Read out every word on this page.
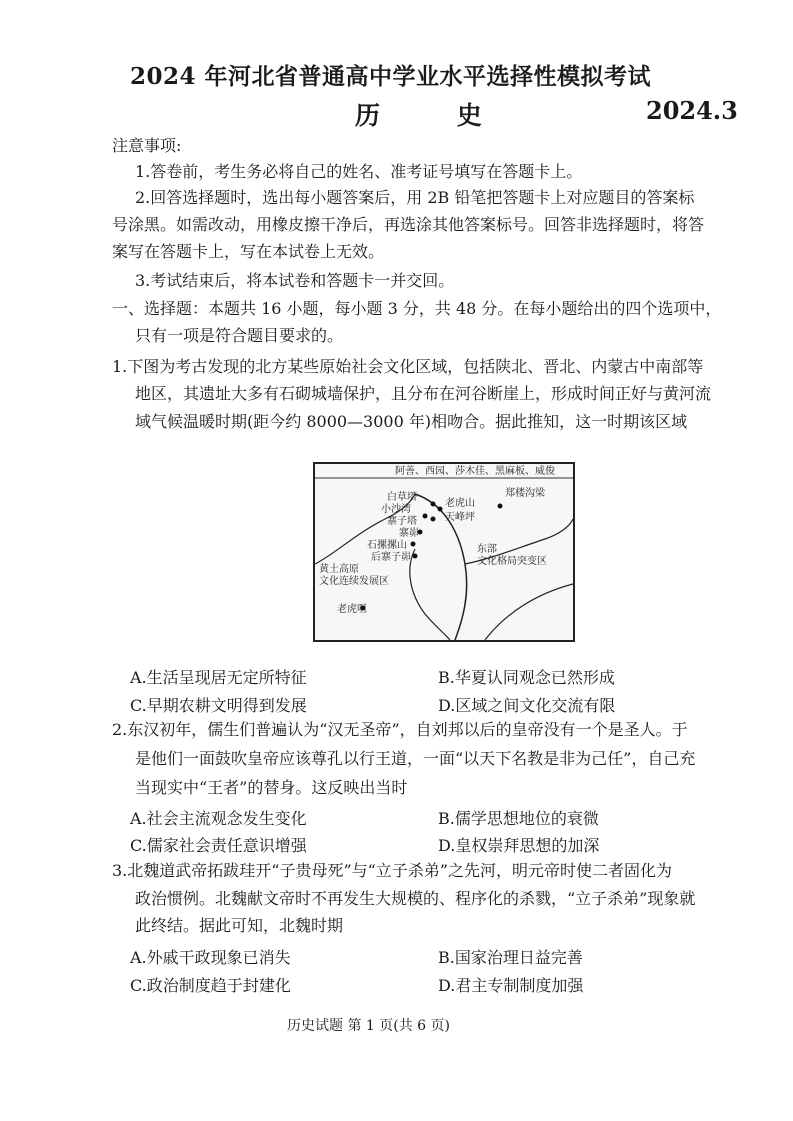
2024 年河北省普通高中学业水平选择性模拟考试
历 史	2024.3
注意事项:
1.答卷前，考生务必将自己的姓名、准考证号填写在答题卡上。
2.回答选择题时，选出每小题答案后，用 2B 铅笔把答题卡上对应题目的答案标
号涂黑。如需改动，用橡皮擦干净后，再选涂其他答案标号。回答非选择题时，将答
案写在答题卡上，写在本试卷上无效。
3.考试结束后，将本试卷和答题卡一并交回。
一、选择题：本题共 16 小题，每小题 3 分，共 48 分。在每小题给出的四个选项中，
只有一项是符合题目要求的。
1.下图为考古发现的北方某些原始社会文化区域，包括陕北、晋北、内蒙古中南部等
地区，其遗址大多有石砌城墙保护，且分布在河谷断崖上，形成时间正好与黄河流
域气候温暖时期(距今约 8000—3000 年)相吻合。据此推知，这一时期该区域
阿善、西园、莎木佳、黑麻板、威俊
白草塔
小沙湾
寨子塔
老虎山
天峰坪
寨峁
石摞摞山
后寨子峁
黄土高原
文化连续发展区
老虎咀
东部
文化格局突变区
郑楼沟梁
A.生活呈现居无定所特征	B.华夏认同观念已然形成
C.早期农耕文明得到发展	D.区域之间文化交流有限
2.东汉初年，儒生们普遍认为“汉无圣帝”，自刘邦以后的皇帝没有一个是圣人。于
是他们一面鼓吹皇帝应该尊孔以行王道，一面“以天下名教是非为己任”，自己充
当现实中“王者”的替身。这反映出当时
A.社会主流观念发生变化	B.儒学思想地位的衰微
C.儒家社会责任意识增强	D.皇权崇拜思想的加深
3.北魏道武帝拓跋珪开“子贵母死”与“立子杀弟”之先河，明元帝时使二者固化为
政治惯例。北魏献文帝时不再发生大规模的、程序化的杀戮，“立子杀弟”现象就
此终结。据此可知，北魏时期
A.外戚干政现象已消失	B.国家治理日益完善
C.政治制度趋于封建化	D.君主专制制度加强
历史试题 第 1 页(共 6 页)
